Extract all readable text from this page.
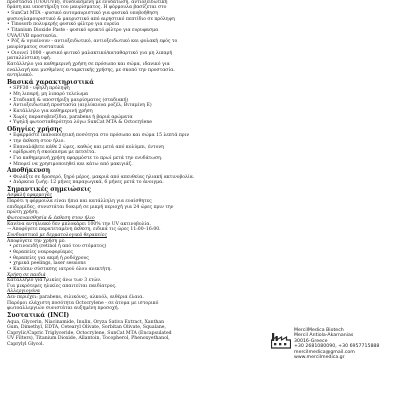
προστασία (UVA/UVB), συνδυασμένη με ενυδάτωση, αντιοξειδωτική

δράση και υποστήριξη του μαυρίσματος. Η φόρμουλα βασίζεται στο

• SunCat MTA - φυσικό αυτομαυριστικό για φυσικά υποβοήθηση

φυσιογλαμουριστικό & μαυριστικό από αιρηστικό πεπτίδιο σε πρόληψη

• Tinosorb πολυμερής φυσικό φίλτρο για ευρεία

• Titanium Dioxide Paste - φυσικό ορυκτό φίλτρο για ευρυφασμα

UVA/UVB προστασία.

• Ρόζ & υγιαίνουν - αντιοξειδωτικό, αντιοξειδωτικό και φυλακή εφός το

μαυρίσματος συστατικά

• Οιοινεί 1000 - φυσικό φυτικό μαλακτικό/καταθαρτικό για μη λιπαρή

ματαλλίστικη υφή.

Κατάλληλο για καθημερινή χρήση σε πρόσωπο και σώμα, ιδανικό για

εναλλαγή και μισθμένες ενταρκτικής χρήσης, με σκοπό την προστασία.

αντηλιακό.

Βασικά χαρακτηριστικά

• SPF30 - υψηλή πρόληψη

• Μη λιπαρή, μη λιπαρό τελείωμα

• Σταδιακή & υποστήριξη μαυρίσματος (σταδιακή)

• Αντιοξειδωτική προστασία (αιγλύκιουα ροζέλ, Βιταμίνη Ε)

• Κατάλληλο για καθημερινή χρήση

• Χωρίς παρασοβενζίδια, parabens ή βαριά αρώματα

• Υψηλή φωτοσταθερότητα λόγω SunCat MTA & Octocrylene

Οδηγίες χρήσης

• Εφαρμόστε ικανοποιητική ποσότητα στο πρόσωπο και σώμα 15 λεπτά πριν

• την έκθεση στον ήλιο.

• Επαναλάβετε κάθε 2 ώρες, καθώς και μετά από κολύμπι, έντονη

• εφίδρωση ή σκούπισμα με πετσέτα.

• Για καθημερινή χρήση εφαρμόστε το πρωί μετά την ενυδάτωση.

• Μπορεί να χρησιμοποιηθεί και κάτω από μακιγιάζ.

Αποθήκευση

• Φυλάξτε σε δροσερό, ξηρό μέρος, μακριά από απευθείας ηλιακή ακτινοβολία.

• Διάρκεια ζωής: 12 μήνες παραγωγικά, 6 μήνες μετά το άνοιγμα.

Σημαντικές σημειώσεις

Ασφαλή εφαρμογές

Παρότι η φόρμουλα είναι ήπια και κατάλληλη για ευαίσθητες

επιδερμίδες, συνιστάται δοκιμή σε μικρή περιοχή για 24 ώρες πριν την

πρώτη χρήση.

Φωτοευαισθησία & έκθεση στον ήλιο

Κανένα αντηλιακό δεν μπλοκάρει 100% την UV ακτινοβολία.

→ Αποφύγετε παρατεταμένη έκθεση, ειδικά τις ώρες 11:00–16:00.

Συνδυαστικά με δερματολογικά θεραπείες

Αποφύγετε την χρήση με:

• ρετινοειδή (retinol ή από του στόματος)

• θεραπείες νεαροφορίαμες

• θεραπείες για ακμή ή ροδόχρους

• χημικά peelings, laser sessions

• Κατόπιν σύστασης ιατρού όλου ανεκτήτη.

Χρήση σε παιδιά

Κατάλληλο για ηλικίες άνω των 3 ετών.

Για μικρότερες ηλικίες απαιτείται παιδίατρος.

Αλλεργιογόνα

Δεν περιέχει: parabens, σιλικόνες, αλκοόλ, αιθέρια έλαια.

Παρόμοι ελάχιστη ποσότητα Octocrylene - σε άτομα με ιστορικό

φωτοαλλεργιών συνιστάται αυξημένη προσοχή.

Συστατικά (INCI)

Aqua, Glycerin, Niacinamide, Inulin, Oryza Sativa Extract, Xanthan

Gum, Dimethyl, EDTA, Cetearyl Olivate, Sorbitan Olivate, Squalane,

Caprylic/Capric Triglyceride, Octocrylene, SunCat MTA (Encapsulated

UV Filters), Titanium Dioxide, Allantoin, Tocopherol, Phenoxyethanol,

Caprylyl Glycol.

MercilMedica Biotech
Mercil Antiola-Akarnanias
30016-Greece
+30 2681080090, +30 6957715888
mercilmedica@gmail.com
www.mercilmedica.gr
